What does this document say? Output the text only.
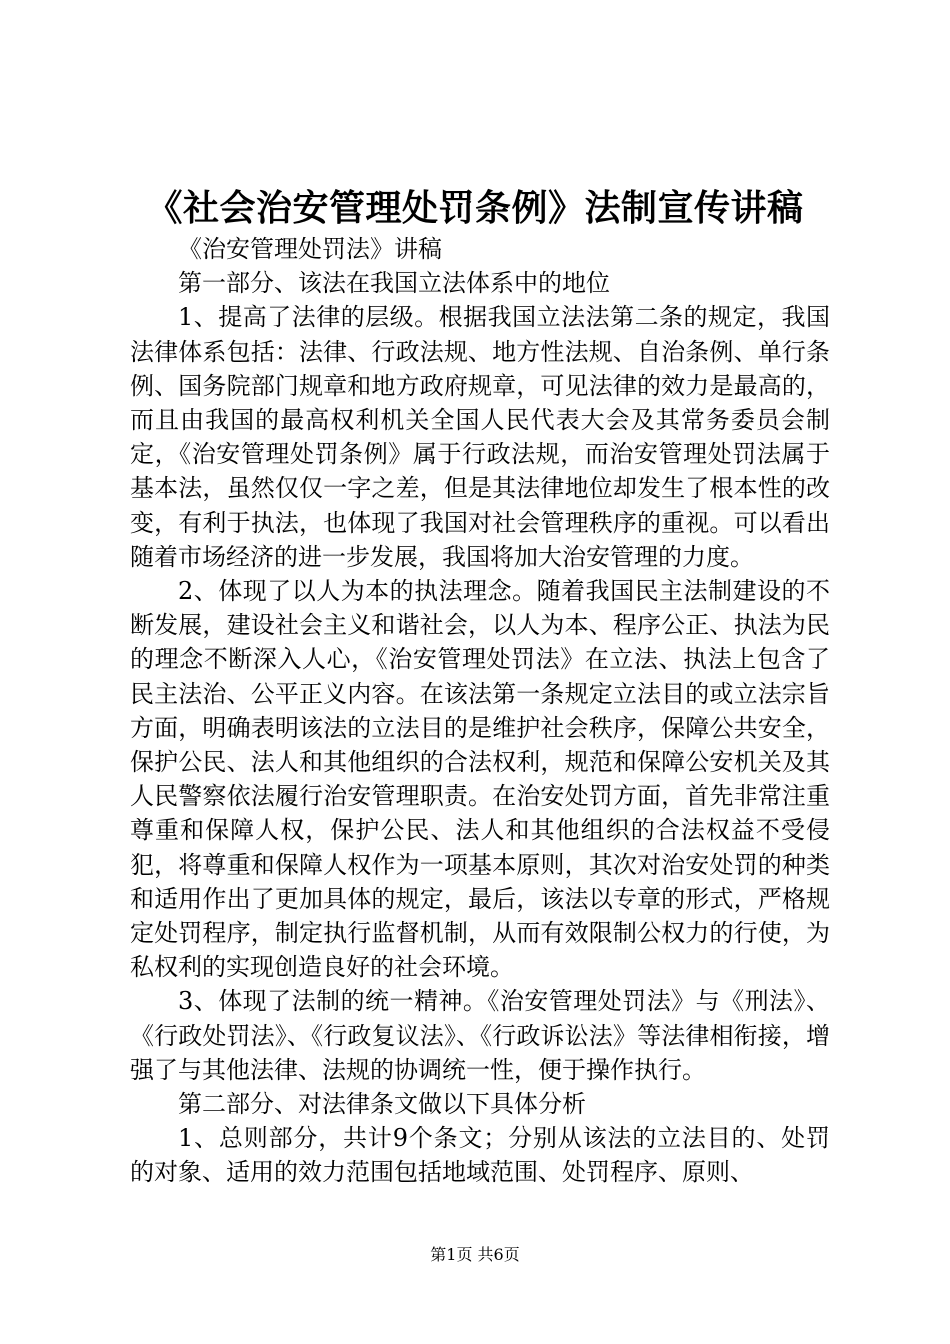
《社会治安管理处罚条例》法制宣传讲稿

《治安管理处罚法》讲稿

第一部分、该法在我国立法体系中的地位

1、提高了法律的层级。根据我国立法法第二条的规定，我国法律体系包括：法律、行政法规、地方性法规、自治条例、单行条例、国务院部门规章和地方政府规章，可见法律的效力是最高的，而且由我国的最高权利机关全国人民代表大会及其常务委员会制定，《治安管理处罚条例》属于行政法规，而治安管理处罚法属于基本法，虽然仅仅一字之差，但是其法律地位却发生了根本性的改变，有利于执法，也体现了我国对社会管理秩序的重视。可以看出随着市场经济的进一步发展，我国将加大治安管理的力度。

2、体现了以人为本的执法理念。随着我国民主法制建设的不断发展，建设社会主义和谐社会，以人为本、程序公正、执法为民的理念不断深入人心，《治安管理处罚法》在立法、执法上包含了民主法治、公平正义内容。在该法第一条规定立法目的或立法宗旨方面，明确表明该法的立法目的是维护社会秩序，保障公共安全，保护公民、法人和其他组织的合法权利，规范和保障公安机关及其人民警察依法履行治安管理职责。在治安处罚方面，首先非常注重尊重和保障人权，保护公民、法人和其他组织的合法权益不受侵犯，将尊重和保障人权作为一项基本原则，其次对治安处罚的种类和适用作出了更加具体的规定，最后，该法以专章的形式，严格规定处罚程序，制定执行监督机制，从而有效限制公权力的行使，为私权利的实现创造良好的社会环境。

3、体现了法制的统一精神。《治安管理处罚法》与《刑法》、《行政处罚法》、《行政复议法》、《行政诉讼法》等法律相衔接，增强了与其他法律、法规的协调统一性，便于操作执行。

第二部分、对法律条文做以下具体分析

1、总则部分，共计9个条文；分别从该法的立法目的、处罚的对象、适用的效力范围包括地域范围、处罚程序、原则、

第1页 共6页
